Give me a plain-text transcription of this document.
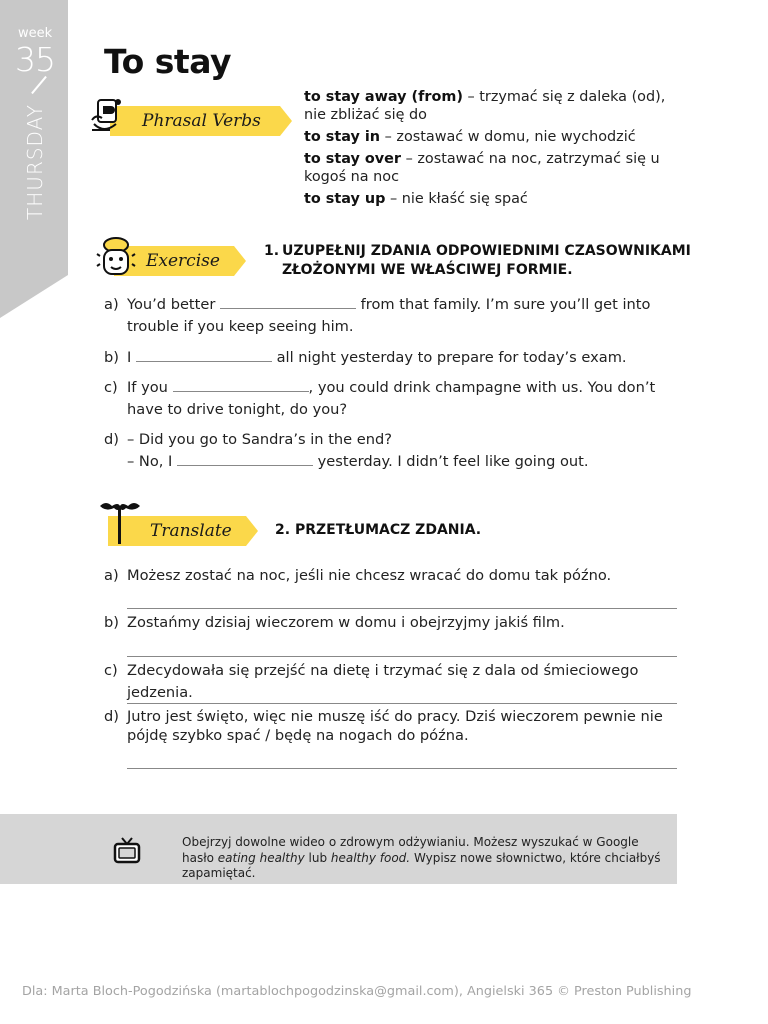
week
35
THURSDAY
To stay
Phrasal Verbs

to stay away (from) – trzymać się z daleka (od),
nie zbliżać się do

to stay in – zostawać w domu, nie wychodzić

to stay over – zostawać na noc, zatrzymać się u kogoś na noc

to stay up – nie kłaść się spać

Exercise	1. UZUPEŁNIJ ZDANIA ODPOWIEDNIMI CZASOWNIKAMI
ZŁOŻONYMI WE WŁAŚCIWEJ FORMIE.
a) You’d better	from that family. I’m sure you’ll get into trouble if you keep seeing him.
b) I	all night yesterday to prepare for today’s exam.
c) If you	, you could drink champagne with us. You don’t have to drive tonight, do you?
d) – Did you go to Sandra’s in the end?
– No, I	yesterday. I didn’t feel like going out.
Translate	2. PRZETŁUMACZ ZDANIA.
a) Możesz zostać na noc, jeśli nie chcesz wracać do domu tak późno.
b) Zostańmy dzisiaj wieczorem w domu i obejrzyjmy jakiś film.
c) Zdecydowała się przejść na dietę i trzymać się z dala od śmieciowego jedzenia.
d) Jutro jest święto, więc nie muszę iść do pracy. Dziś wieczorem pewnie nie pójdę szybko spać / będę na nogach do późna.
Obejrzyj dowolne wideo o zdrowym odżywianiu. Możesz wyszukać w Google hasło eating healthy lub healthy food. Wypisz nowe słownictwo, które chciałbyś zapamiętać.
Dla: Marta Bloch-Pogodzińska (martablochpogodzinska@gmail.com), Angielski 365 © Preston Publishing
